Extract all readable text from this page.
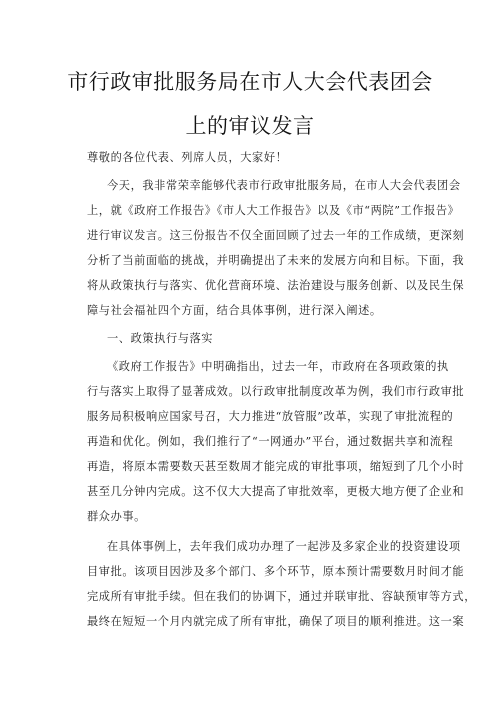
市行政审批服务局在市人大会代表团会
上的审议发言
尊敬的各位代表、列席人员，大家好！
今天，我非常荣幸能够代表市行政审批服务局，在市人大会代表团会
上，就《政府工作报告》《市人大工作报告》以及《市“两院”工作报告》
进行审议发言。这三份报告不仅全面回顾了过去一年的工作成绩，更深刻
分析了当前面临的挑战，并明确提出了未来的发展方向和目标。下面，我
将从政策执行与落实、优化营商环境、法治建设与服务创新、以及民生保
障与社会福祉四个方面，结合具体事例，进行深入阐述。
一、政策执行与落实
《政府工作报告》中明确指出，过去一年，市政府在各项政策的执
行与落实上取得了显著成效。以行政审批制度改革为例，我们市行政审批
服务局积极响应国家号召，大力推进“放管服”改革，实现了审批流程的
再造和优化。例如，我们推行了“一网通办”平台，通过数据共享和流程
再造，将原本需要数天甚至数周才能完成的审批事项，缩短到了几个小时
甚至几分钟内完成。这不仅大大提高了审批效率，更极大地方便了企业和
群众办事。
在具体事例上，去年我们成功办理了一起涉及多家企业的投资建设项
目审批。该项目因涉及多个部门、多个环节，原本预计需要数月时间才能
完成所有审批手续。但在我们的协调下，通过并联审批、容缺预审等方式，
最终在短短一个月内就完成了所有审批，确保了项目的顺利推进。这一案
